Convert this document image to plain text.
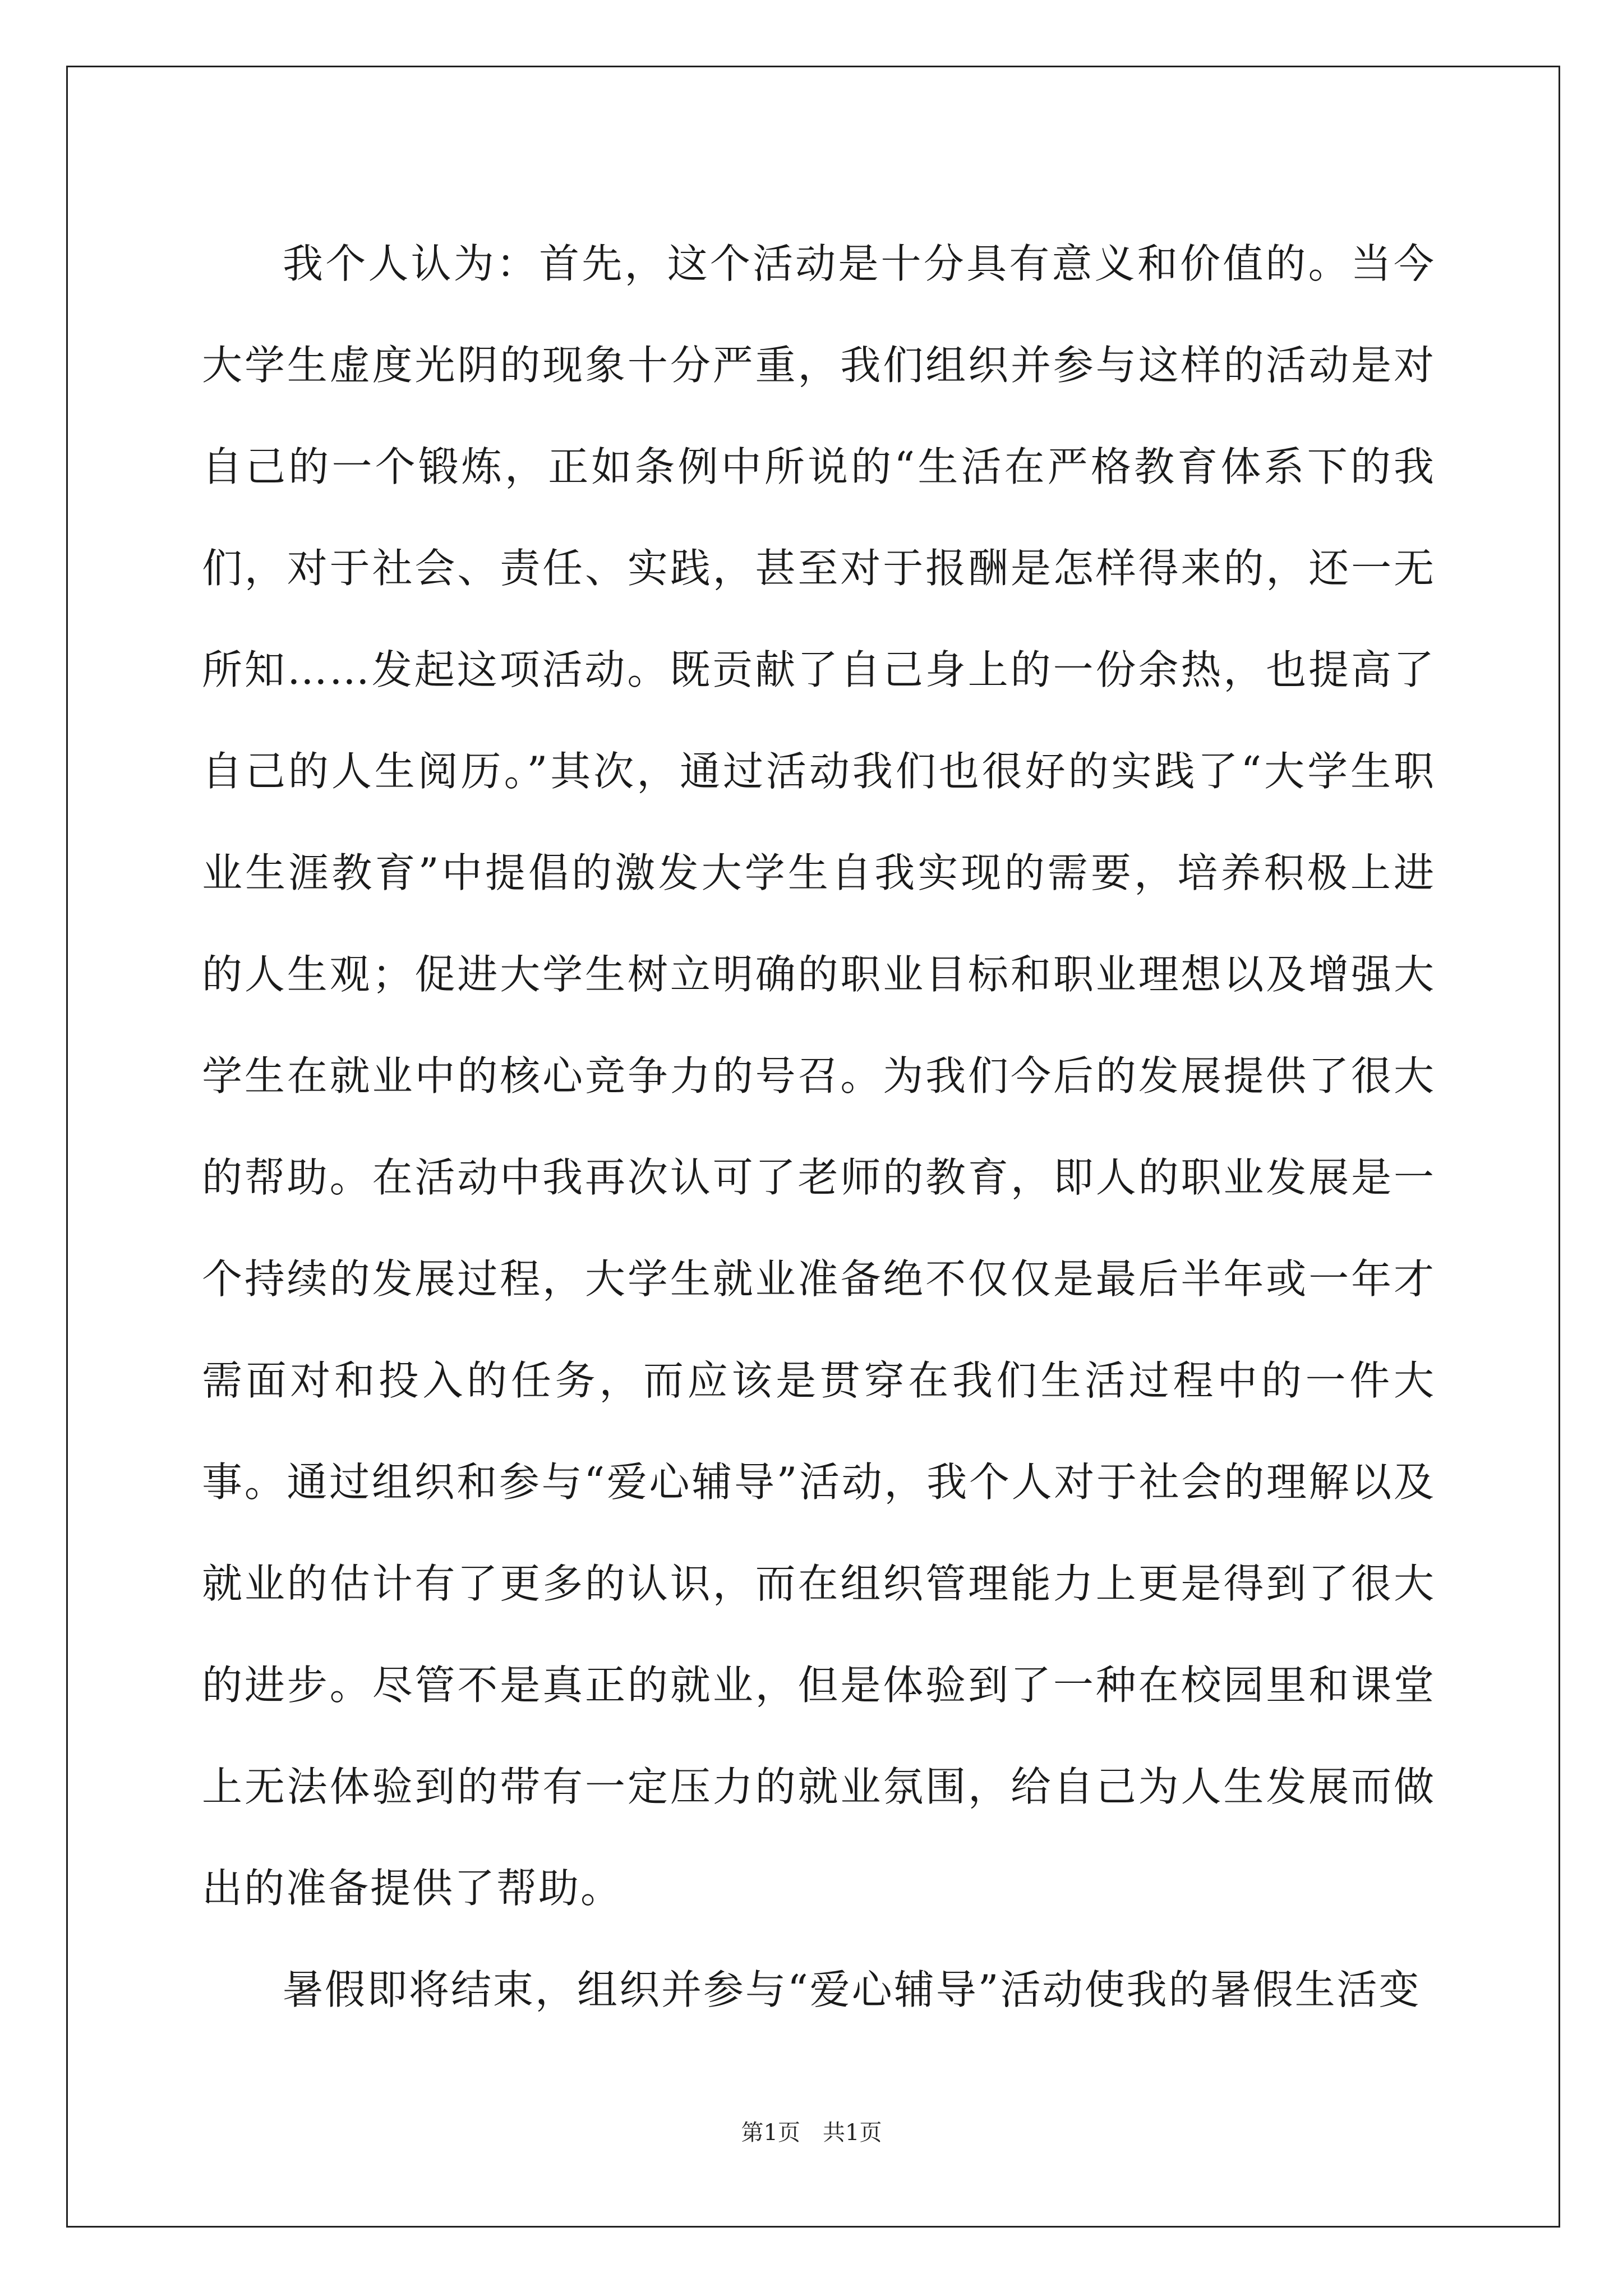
我个人认为：首先，这个活动是十分具有意义和价值的。当今大学生虚度光阴的现象十分严重，我们组织并参与这样的活动是对自己的一个锻炼，正如条例中所说的“生活在严格教育体系下的我们，对于社会、责任、实践，甚至对于报酬是怎样得来的，还一无所知……发起这项活动。既贡献了自己身上的一份余热，也提高了自己的人生阅历。”其次，通过活动我们也很好的实践了“大学生职业生涯教育”中提倡的激发大学生自我实现的需要，培养积极上进的人生观；促进大学生树立明确的职业目标和职业理想以及增强大学生在就业中的核心竞争力的号召。为我们今后的发展提供了很大的帮助。在活动中我再次认可了老师的教育，即人的职业发展是一个持续的发展过程，大学生就业准备绝不仅仅是最后半年或一年才需面对和投入的任务，而应该是贯穿在我们生活过程中的一件大事。通过组织和参与“爱心辅导”活动，我个人对于社会的理解以及就业的估计有了更多的认识，而在组织管理能力上更是得到了很大的进步。尽管不是真正的就业，但是体验到了一种在校园里和课堂上无法体验到的带有一定压力的就业氛围，给自己为人生发展而做出的准备提供了帮助。

暑假即将结束，组织并参与“爱心辅导”活动使我的暑假生活变

第1页　共1页
